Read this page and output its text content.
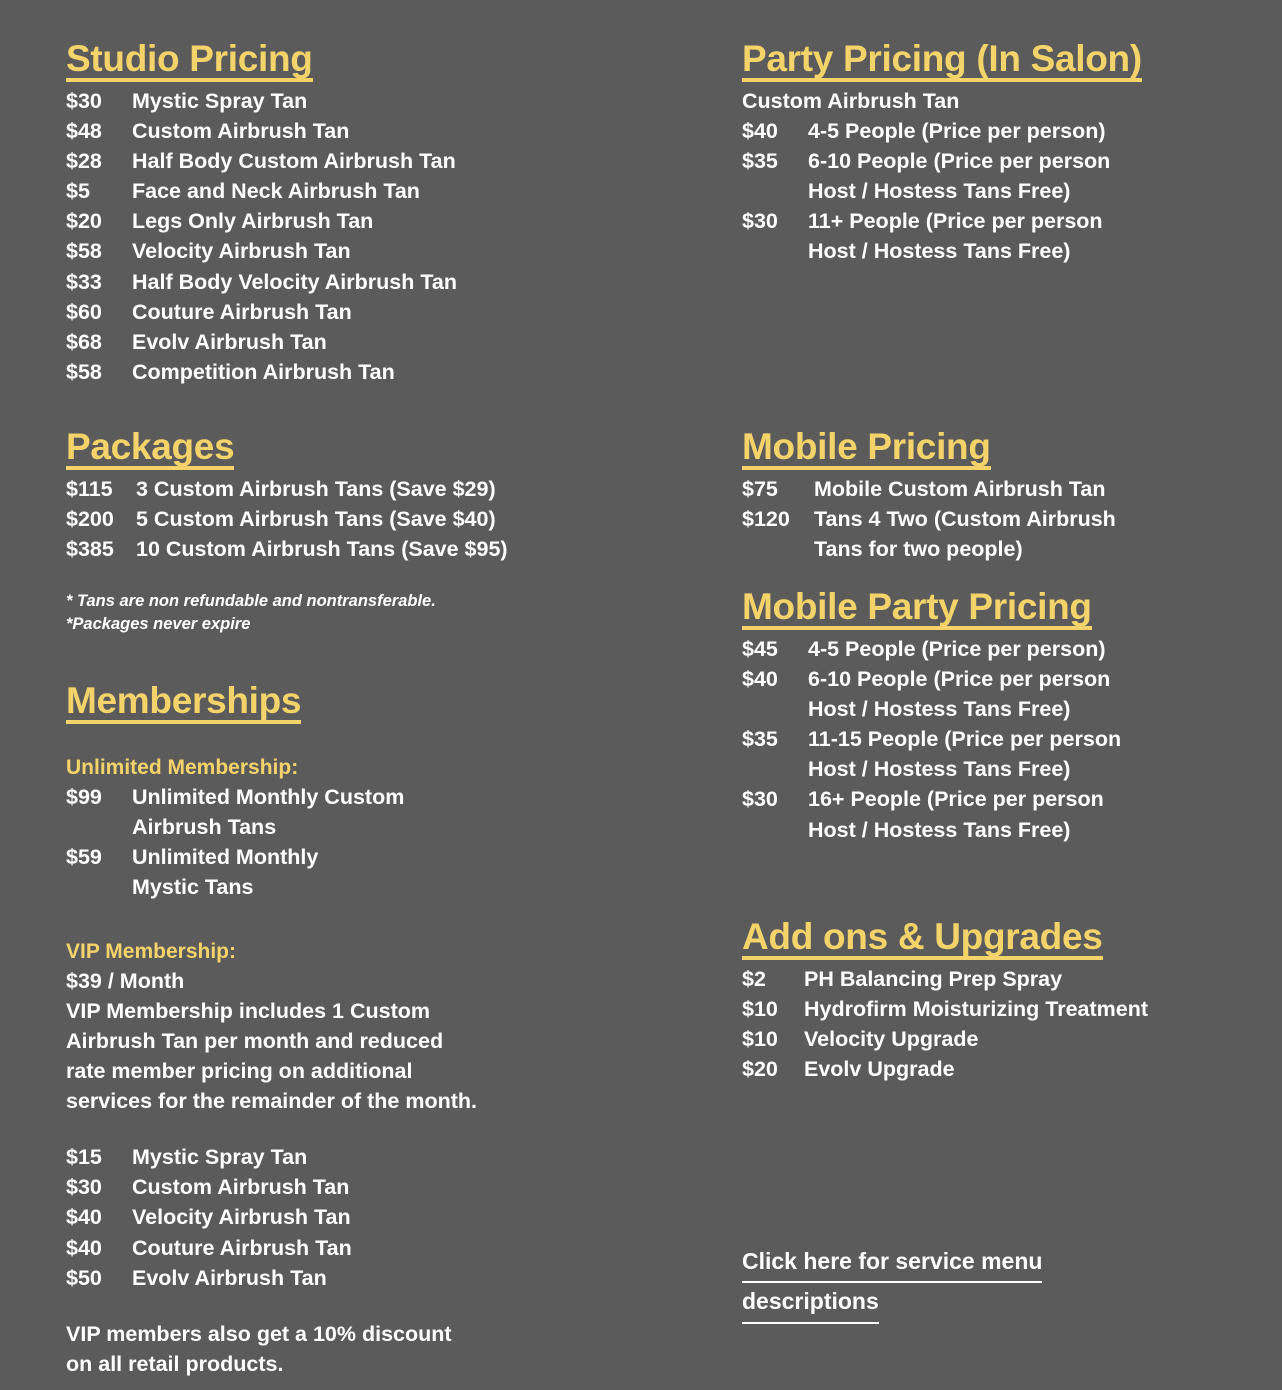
Studio Pricing
$30	Mystic Spray Tan
$48	Custom Airbrush Tan
$28	Half Body Custom Airbrush Tan
$5	Face and Neck Airbrush Tan
$20	Legs Only Airbrush Tan
$58	Velocity Airbrush Tan
$33	Half Body Velocity Airbrush Tan
$60	Couture Airbrush Tan
$68	Evolv Airbrush Tan
$58	Competition Airbrush Tan
Packages
$115	3 Custom Airbrush Tans (Save $29)
$200	5 Custom Airbrush Tans (Save $40)
$385	10 Custom Airbrush Tans (Save $95)

* Tans are non refundable and nontransferable.

*Packages never expire

Memberships
Unlimited Membership:
$99	Unlimited Monthly Custom
Airbrush Tans
$59	Unlimited Monthly
Mystic Tans
VIP Membership:

$39 / Month

VIP Membership includes 1 Custom

Airbrush Tan per month and reduced

rate member pricing on additional

services for the remainder of the month.

$15	Mystic Spray Tan
$30	Custom Airbrush Tan
$40	Velocity Airbrush Tan
$40	Couture Airbrush Tan
$50	Evolv Airbrush Tan

VIP members also get a 10% discount

on all retail products.

Party Pricing (In Salon)

Custom Airbrush Tan

$40	4-5 People (Price per person)
$35	6-10 People (Price per person
Host / Hostess Tans Free)
$30	11+ People (Price per person
Host / Hostess Tans Free)
Mobile Pricing
$75	Mobile Custom Airbrush Tan
$120	Tans 4 Two (Custom Airbrush
Tans for two people)
Mobile Party Pricing
$45	4-5 People (Price per person)
$40	6-10 People (Price per person
Host / Hostess Tans Free)
$35	11-15 People (Price per person
Host / Hostess Tans Free)
$30	16+ People (Price per person
Host / Hostess Tans Free)
Add ons & Upgrades
$2	PH Balancing Prep Spray
$10	Hydrofirm Moisturizing Treatment
$10	Velocity Upgrade
$20	Evolv Upgrade
Click here for service menu
descriptions
